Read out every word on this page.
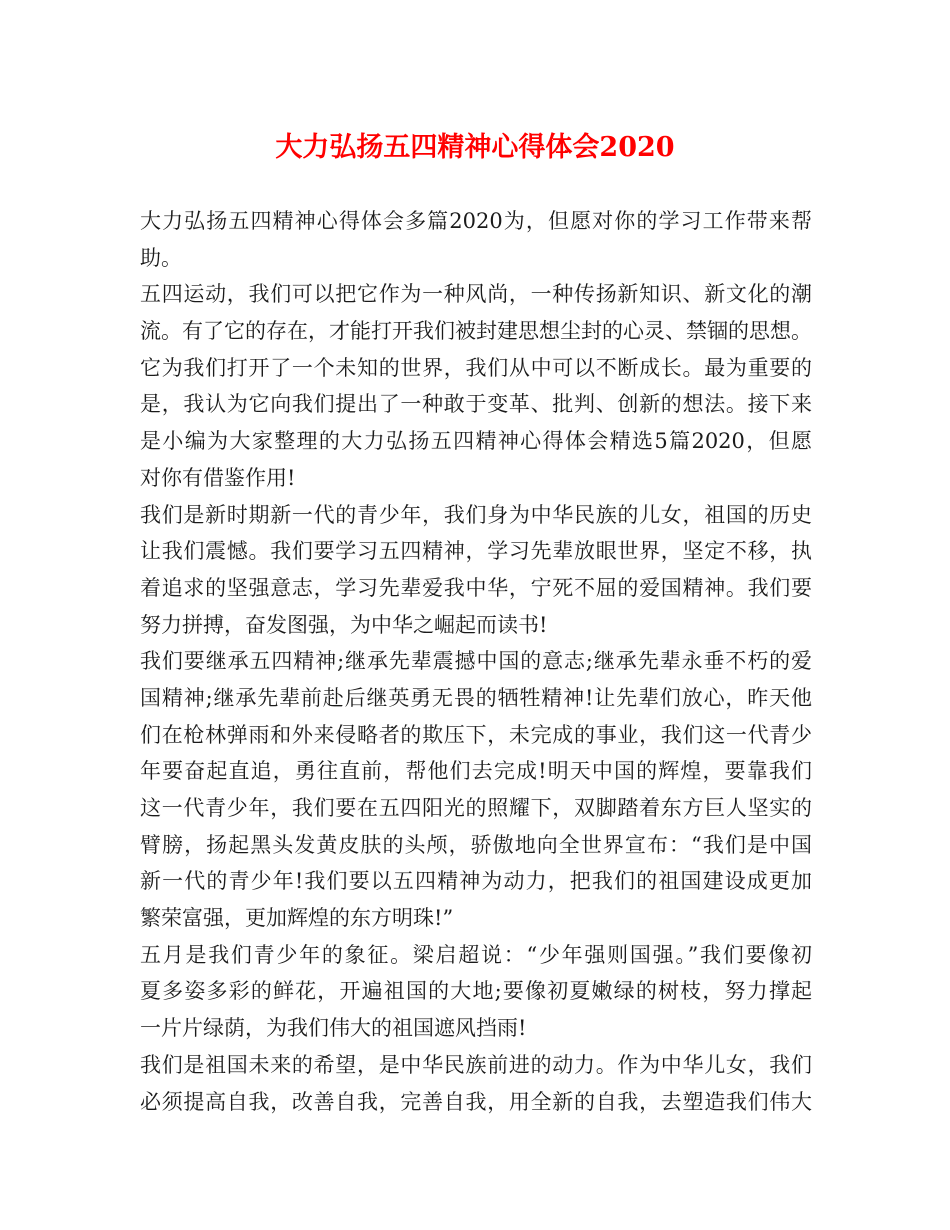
大力弘扬五四精神心得体会2020
大力弘扬五四精神心得体会多篇2020为，但愿对你的学习工作带来帮
助。
五四运动，我们可以把它作为一种风尚，一种传扬新知识、新文化的潮
流。有了它的存在，才能打开我们被封建思想尘封的心灵、禁锢的思想。
它为我们打开了一个未知的世界，我们从中可以不断成长。最为重要的
是，我认为它向我们提出了一种敢于变革、批判、创新的想法。接下来
是小编为大家整理的大力弘扬五四精神心得体会精选5篇2020，但愿
对你有借鉴作用!
我们是新时期新一代的青少年，我们身为中华民族的儿女，祖国的历史
让我们震憾。我们要学习五四精神，学习先辈放眼世界，坚定不移，执
着追求的坚强意志，学习先辈爱我中华，宁死不屈的爱国精神。我们要
努力拼搏，奋发图强，为中华之崛起而读书!
我们要继承五四精神;继承先辈震撼中国的意志;继承先辈永垂不朽的爱
国精神;继承先辈前赴后继英勇无畏的牺牲精神!让先辈们放心，昨天他
们在枪林弹雨和外来侵略者的欺压下，未完成的事业，我们这一代青少
年要奋起直追，勇往直前，帮他们去完成!明天中国的辉煌，要靠我们
这一代青少年，我们要在五四阳光的照耀下，双脚踏着东方巨人坚实的
臂膀，扬起黑头发黄皮肤的头颅，骄傲地向全世界宣布：“我们是中国
新一代的青少年!我们要以五四精神为动力，把我们的祖国建设成更加
繁荣富强，更加辉煌的东方明珠!”
五月是我们青少年的象征。梁启超说：“少年强则国强。”我们要像初
夏多姿多彩的鲜花，开遍祖国的大地;要像初夏嫩绿的树枝，努力撑起
一片片绿荫，为我们伟大的祖国遮风挡雨!
我们是祖国未来的希望，是中华民族前进的动力。作为中华儿女，我们
必须提高自我，改善自我，完善自我，用全新的自我，去塑造我们伟大
